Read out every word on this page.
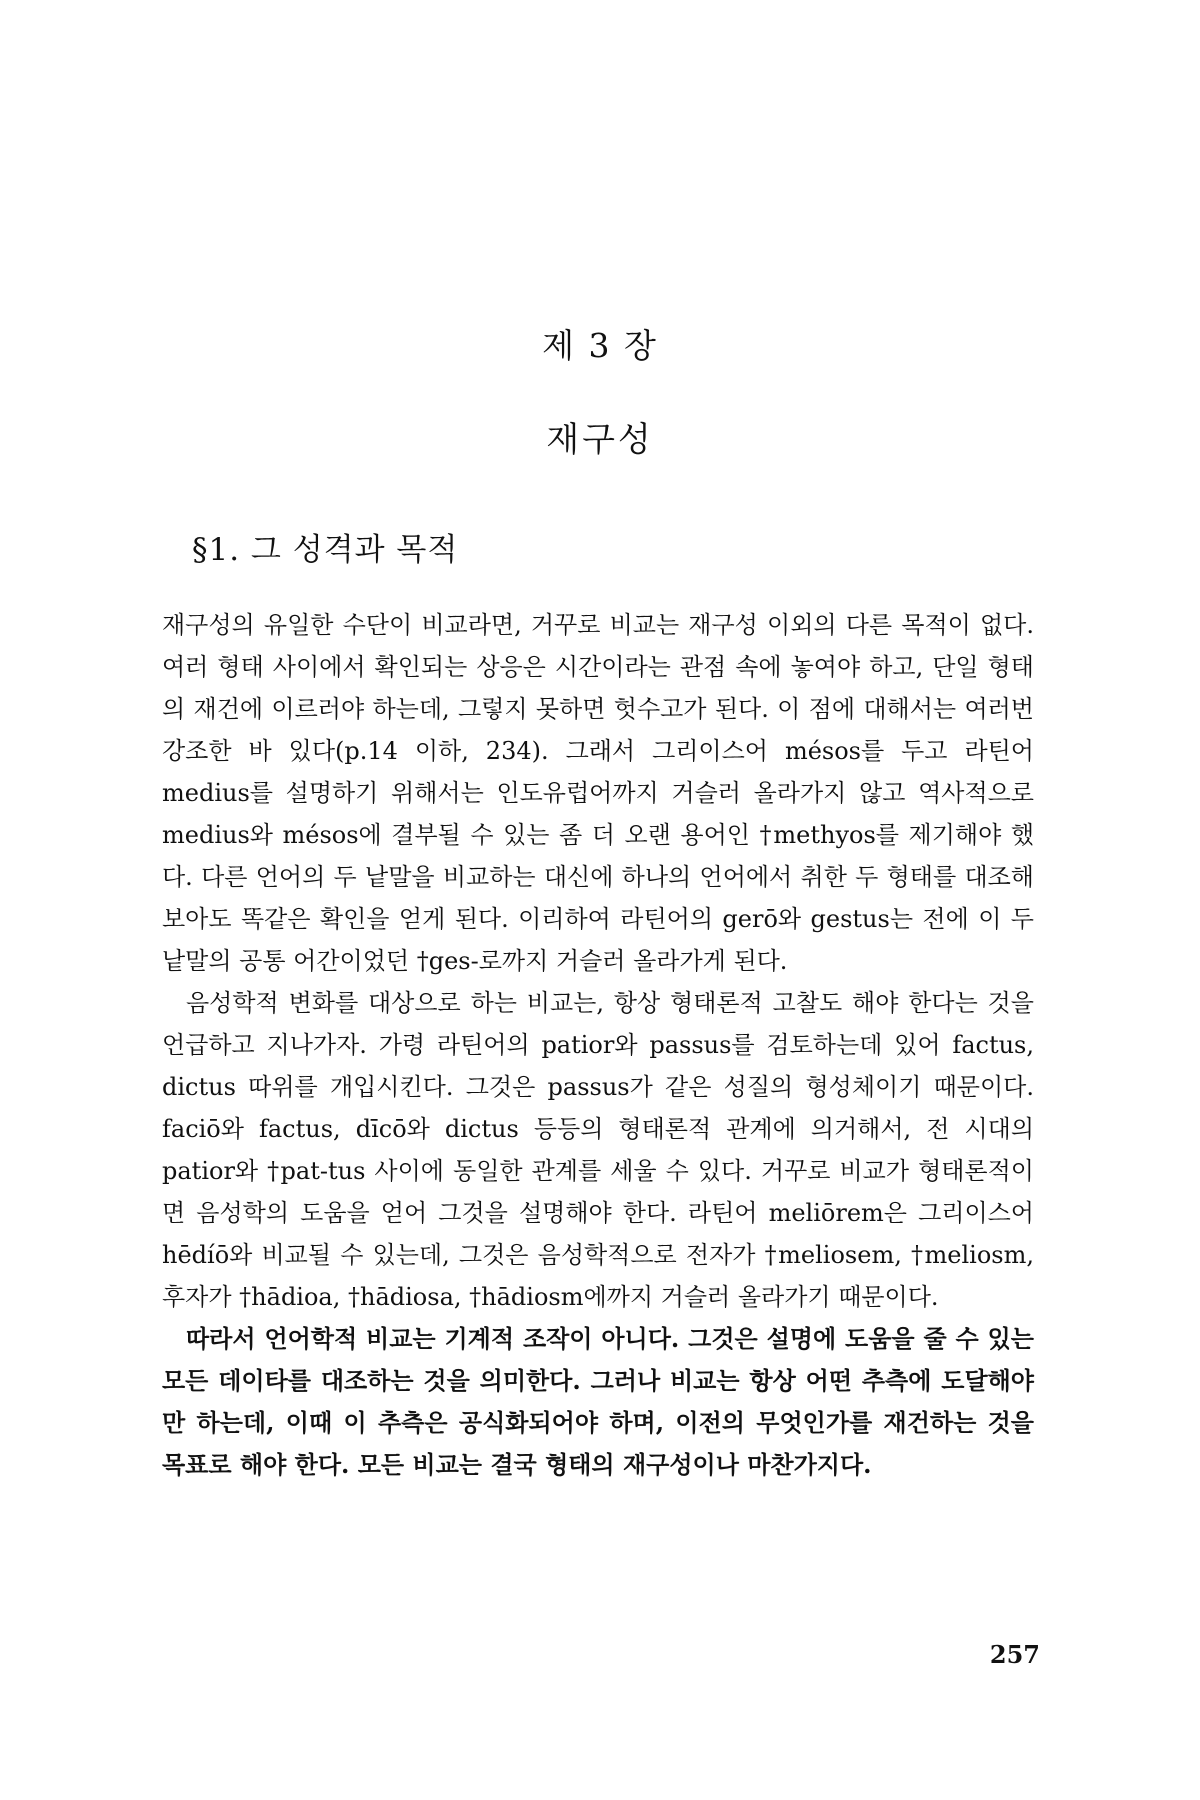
제 3 장
재구성
§1. 그 성격과 목적

재구성의 유일한 수단이 비교라면, 거꾸로 비교는 재구성 이외의 다른 목적이 없다. 여러 형태 사이에서 확인되는 상응은 시간이라는 관점 속에 놓여야 하고, 단일 형태의 재건에 이르러야 하는데, 그렇지 못하면 헛수고가 된다. 이 점에 대해서는 여러번 강조한 바 있다(p.14 이하, 234). 그래서 그리이스어 mésos를 두고 라틴어 medius를 설명하기 위해서는 인도유럽어까지 거슬러 올라가지 않고 역사적으로 medius와 mésos에 결부될 수 있는 좀 더 오랜 용어인 †methyos를 제기해야 했다. 다른 언어의 두 낱말을 비교하는 대신에 하나의 언어에서 취한 두 형태를 대조해 보아도 똑같은 확인을 얻게 된다. 이리하여 라틴어의 gerō와 gestus는 전에 이 두 낱말의 공통 어간이었던 †ges-로까지 거슬러 올라가게 된다.

음성학적 변화를 대상으로 하는 비교는, 항상 형태론적 고찰도 해야 한다는 것을 언급하고 지나가자. 가령 라틴어의 patior와 passus를 검토하는데 있어 factus, dictus 따위를 개입시킨다. 그것은 passus가 같은 성질의 형성체이기 때문이다. faciō와 factus, dīcō와 dictus 등등의 형태론적 관계에 의거해서, 전 시대의 patior와 †pat-tus 사이에 동일한 관계를 세울 수 있다. 거꾸로 비교가 형태론적이면 음성학의 도움을 얻어 그것을 설명해야 한다. 라틴어 meliōrem은 그리이스어 hēdíō와 비교될 수 있는데, 그것은 음성학적으로 전자가 †meliosem, †meliosm, 후자가 †hādioa, †hādiosa, †hādiosm에까지 거슬러 올라가기 때문이다.

따라서 언어학적 비교는 기계적 조작이 아니다. 그것은 설명에 도움을 줄 수 있는 모든 데이타를 대조하는 것을 의미한다. 그러나 비교는 항상 어떤 추측에 도달해야만 하는데, 이때 이 추측은 공식화되어야 하며, 이전의 무엇인가를 재건하는 것을 목표로 해야 한다. 모든 비교는 결국 형태의 재구성이나 마찬가지다.

257
